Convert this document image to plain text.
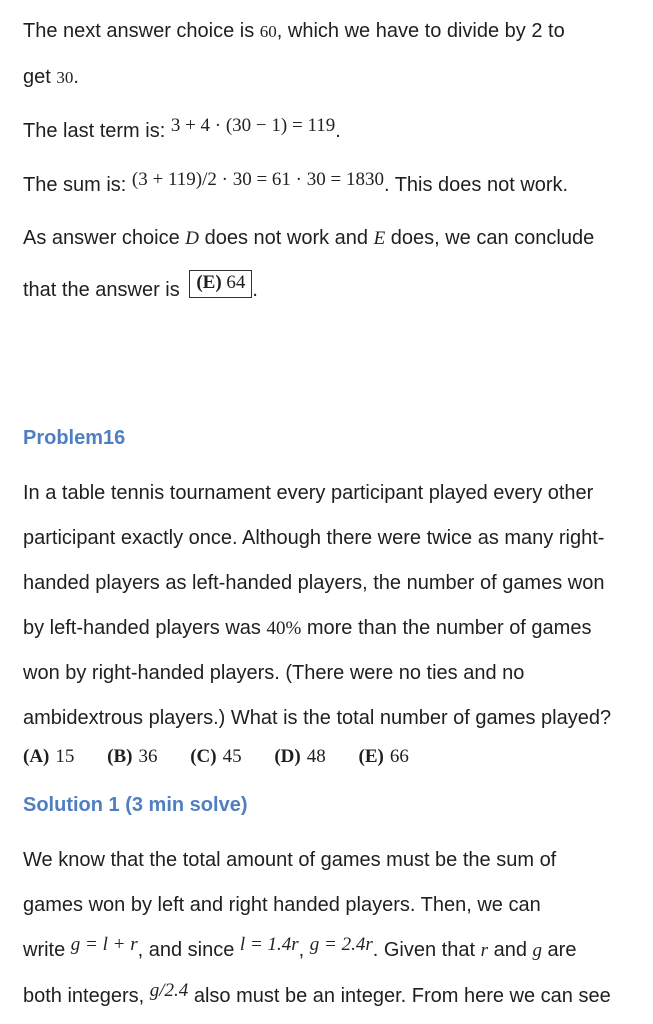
The next answer choice is 60, which we have to divide by 2 to
get 30.
The last term is: 3 + 4 · (30 − 1) = 119.
The sum is: (3 + 119)/2 · 30 = 61 · 30 = 1830. This does not work.
As answer choice D does not work and E does, we can conclude
that the answer is (E) 64 .
Problem16
In a table tennis tournament every participant played every other
participant exactly once. Although there were twice as many right-
handed players as left-handed players, the number of games won
by left-handed players was 40% more than the number of games
won by right-handed players. (There were no ties and no
ambidextrous players.) What is the total number of games played?
(A) 15 (B) 36 (C) 45 (D) 48 (E) 66
Solution 1 (3 min solve)
We know that the total amount of games must be the sum of
games won by left and right handed players. Then, we can
write g = l + r, and since l = 1.4r, g = 2.4r. Given that r and g are
both integers, g/2.4 also must be an integer. From here we can see
